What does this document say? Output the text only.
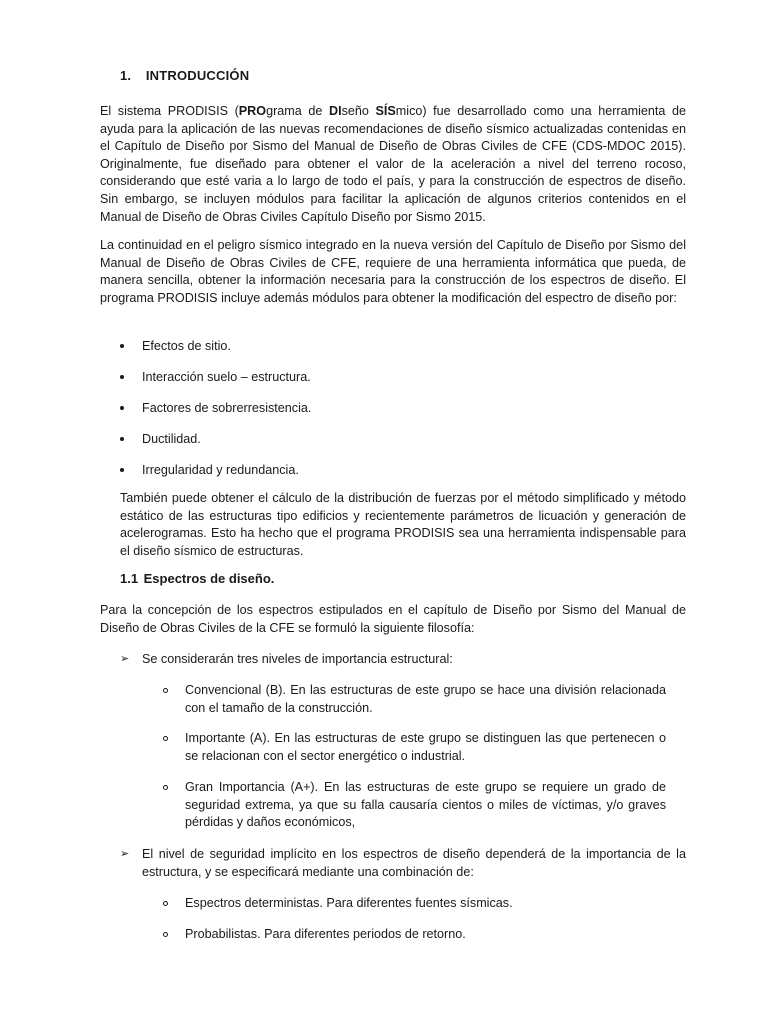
1. INTRODUCCIÓN

El sistema PRODISIS (PROgrama de DIseño SÍSmico) fue desarrollado como una herramienta de ayuda para la aplicación de las nuevas recomendaciones de diseño sísmico actualizadas contenidas en el Capítulo de Diseño por Sismo del Manual de Diseño de Obras Civiles de CFE (CDS-MDOC 2015). Originalmente, fue diseñado para obtener el valor de la aceleración a nivel del terreno rocoso, considerando que esté varia a lo largo de todo el país, y para la construcción de espectros de diseño. Sin embargo, se incluyen módulos para facilitar la aplicación de algunos criterios contenidos en el Manual de Diseño de Obras Civiles Capítulo Diseño por Sismo 2015.

La continuidad en el peligro sísmico integrado en la nueva versión del Capítulo de Diseño por Sismo del Manual de Diseño de Obras Civiles de CFE, requiere de una herramienta informática que pueda, de manera sencilla, obtener la información necesaria para la construcción de los espectros de diseño. El programa PRODISIS incluye además módulos para obtener la modificación del espectro de diseño por:

Efectos de sitio.
Interacción suelo – estructura.
Factores de sobrerresistencia.
Ductilidad.
Irregularidad y redundancia.

También puede obtener el cálculo de la distribución de fuerzas por el método simplificado y método estático de las estructuras tipo edificios y recientemente parámetros de licuación y generación de acelerogramas. Esto ha hecho que el programa PRODISIS sea una herramienta indispensable para el diseño sísmico de estructuras.

1.1 Espectros de diseño.

Para la concepción de los espectros estipulados en el capítulo de Diseño por Sismo del Manual de Diseño de Obras Civiles de la CFE se formuló la siguiente filosofía:

➢ Se considerarán tres niveles de importancia estructural:
Convencional (B). En las estructuras de este grupo se hace una división relacionada con el tamaño de la construcción.
Importante (A). En las estructuras de este grupo se distinguen las que pertenecen o se relacionan con el sector energético o industrial.
Gran Importancia (A+). En las estructuras de este grupo se requiere un grado de seguridad extrema, ya que su falla causaría cientos o miles de víctimas, y/o graves pérdidas y daños económicos,
➢ El nivel de seguridad implícito en los espectros de diseño dependerá de la importancia de la estructura, y se especificará mediante una combinación de:
Espectros deterministas. Para diferentes fuentes sísmicas.
Probabilistas. Para diferentes periodos de retorno.
